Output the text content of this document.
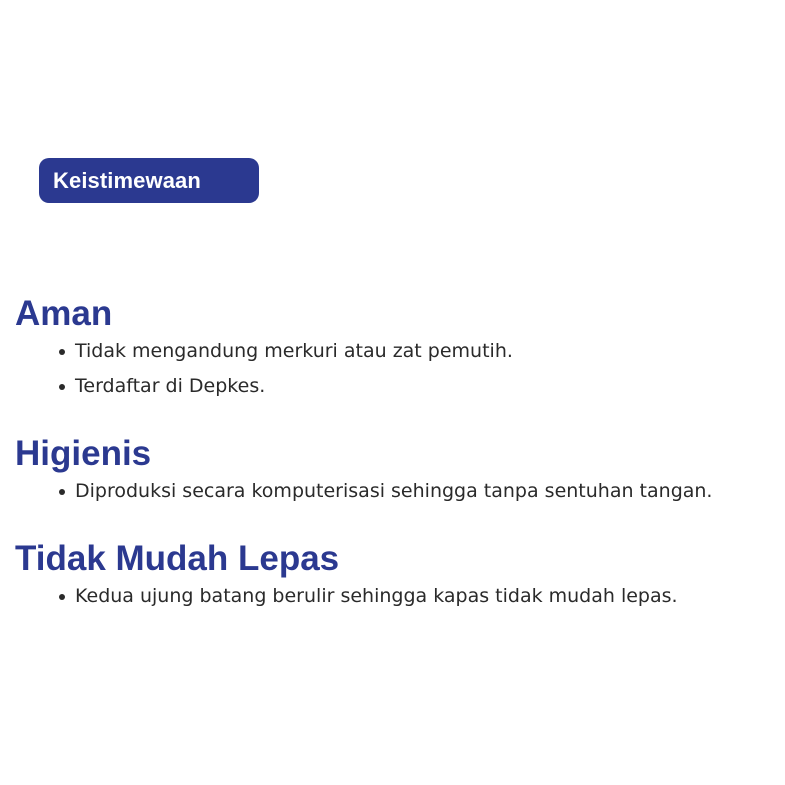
Keistimewaan
Aman
Tidak mengandung merkuri atau zat pemutih.
Terdaftar di Depkes.
Higienis
Diproduksi secara komputerisasi sehingga tanpa sentuhan tangan.
Tidak Mudah Lepas
Kedua ujung batang berulir sehingga kapas tidak mudah lepas.
